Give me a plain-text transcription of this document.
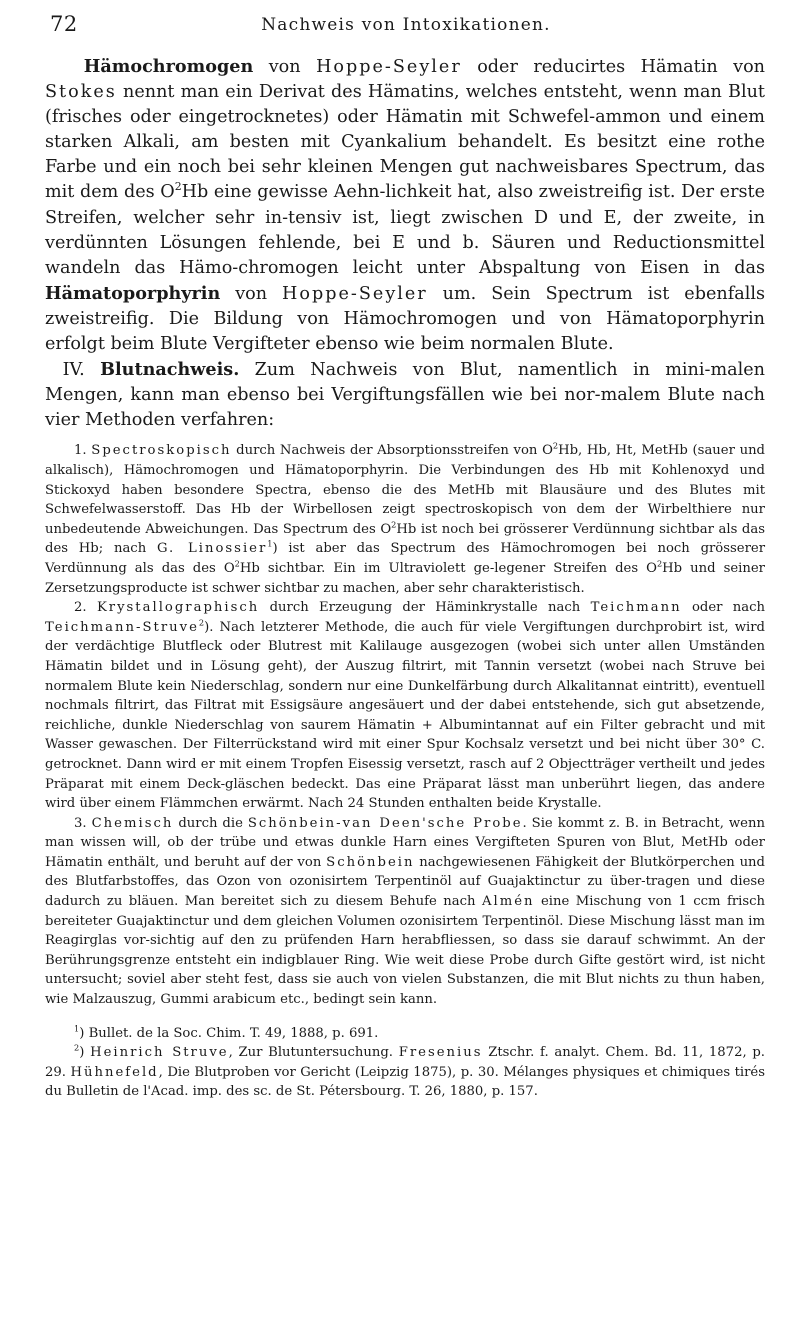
72	Nachweis von Intoxikationen.

Hämochromogen von Hoppe-Seyler oder reducirtes Hämatin von Stokes nennt man ein Derivat des Hämatins, welches entsteht, wenn man Blut (frisches oder eingetrocknetes) oder Hämatin mit Schwefel-ammon und einem starken Alkali, am besten mit Cyankalium behandelt. Es besitzt eine rothe Farbe und ein noch bei sehr kleinen Mengen gut nachweisbares Spectrum, das mit dem des $O^2Hb$ eine gewisse Aehn-lichkeit hat, also zweistreifig ist. Der erste Streifen, welcher sehr in-tensiv ist, liegt zwischen D und E, der zweite, in verdünnten Lösungen fehlende, bei E und b. Säuren und Reductionsmittel wandeln das Hämo-chromogen leicht unter Abspaltung von Eisen in das Hämatoporphyrin von Hoppe-Seyler um. Sein Spectrum ist ebenfalls zweistreifig. Die Bildung von Hämochromogen und von Hämatoporphyrin erfolgt beim Blute Vergifteter ebenso wie beim normalen Blute.

IV. Blutnachweis. Zum Nachweis von Blut, namentlich in mini-malen Mengen, kann man ebenso bei Vergiftungsfällen wie bei nor-malem Blute nach vier Methoden verfahren:

1. Spectroskopisch durch Nachweis der Absorptionsstreifen von $O^2Hb$, Hb, Ht, MetHb (sauer und alkalisch), Hämochromogen und Hämatoporphyrin. Die Verbindungen des Hb mit Kohlenoxyd und Stickoxyd haben besondere Spectra, ebenso die des MetHb mit Blausäure und des Blutes mit Schwefelwasserstoff. Das Hb der Wirbellosen zeigt spectroskopisch von dem der Wirbelthiere nur unbedeutende Abweichungen. Das Spectrum des $O^2Hb$ ist noch bei grösserer Verdünnung sichtbar als das des Hb; nach G. Linossier$^1$) ist aber das Spectrum des Hämochromogen bei noch grösserer Verdünnung als das des $O^2Hb$ sichtbar. Ein im Ultraviolett ge-legener Streifen des $O^2Hb$ und seiner Zersetzungsproducte ist schwer sichtbar zu machen, aber sehr charakteristisch.

2. Krystallographisch durch Erzeugung der Häminkrystalle nach Teichmann oder nach Teichmann-Struve$^2$). Nach letzterer Methode, die auch für viele Vergiftungen durchprobirt ist, wird der verdächtige Blutfleck oder Blutrest mit Kalilauge ausgezogen (wobei sich unter allen Umständen Hämatin bildet und in Lösung geht), der Auszug filtrirt, mit Tannin versetzt (wobei nach Struve bei normalem Blute kein Niederschlag, sondern nur eine Dunkelfärbung durch Alkalitannat eintritt), eventuell nochmals filtrirt, das Filtrat mit Essigsäure angesäuert und der dabei entstehende, sich gut absetzende, reichliche, dunkle Niederschlag von saurem Hämatin + Albumintannat auf ein Filter gebracht und mit Wasser gewaschen. Der Filterrückstand wird mit einer Spur Kochsalz versetzt und bei nicht über 30° C. getrocknet. Dann wird er mit einem Tropfen Eisessig versetzt, rasch auf 2 Objectträger vertheilt und jedes Präparat mit einem Deck-gläschen bedeckt. Das eine Präparat lässt man unberührt liegen, das andere wird über einem Flämmchen erwärmt. Nach 24 Stunden enthalten beide Krystalle.

3. Chemisch durch die Schönbein-van Deen'sche Probe. Sie kommt z. B. in Betracht, wenn man wissen will, ob der trübe und etwas dunkle Harn eines Vergifteten Spuren von Blut, MetHb oder Hämatin enthält, und beruht auf der von Schönbein nachgewiesenen Fähigkeit der Blutkörperchen und des Blutfarbstoffes, das Ozon von ozonisirtem Terpentinöl auf Guajaktinctur zu über-tragen und diese dadurch zu bläuen. Man bereitet sich zu diesem Behufe nach Almén eine Mischung von 1 ccm frisch bereiteter Guajaktinctur und dem gleichen Volumen ozonisirtem Terpentinöl. Diese Mischung lässt man im Reagirglas vor-sichtig auf den zu prüfenden Harn herabfliessen, so dass sie darauf schwimmt. An der Berührungsgrenze entsteht ein indigblauer Ring. Wie weit diese Probe durch Gifte gestört wird, ist nicht untersucht; soviel aber steht fest, dass sie auch von vielen Substanzen, die mit Blut nichts zu thun haben, wie Malzauszug, Gummi arabicum etc., bedingt sein kann.

$^1$) Bullet. de la Soc. Chim. T. 49, 1888, p. 691.

$^2$) Heinrich Struve, Zur Blutuntersuchung. Fresenius Ztschr. f. analyt. Chem. Bd. 11, 1872, p. 29. Hühnefeld, Die Blutproben vor Gericht (Leipzig 1875), p. 30. Mélanges physiques et chimiques tirés du Bulletin de l'Acad. imp. des sc. de St. Pétersbourg. T. 26, 1880, p. 157.
